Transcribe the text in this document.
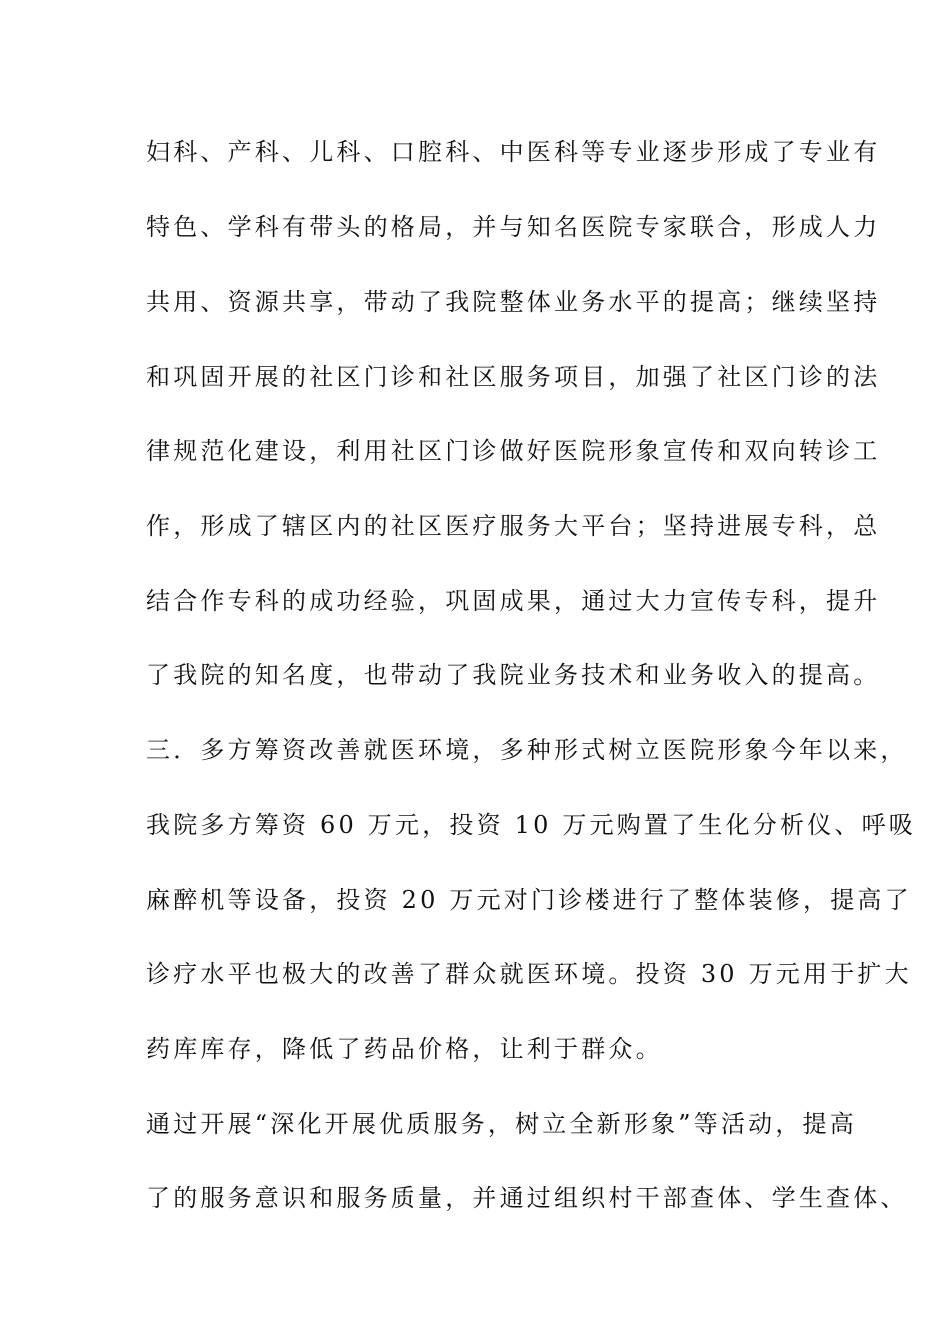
妇科、产科、儿科、口腔科、中医科等专业逐步形成了专业有
特色、学科有带头的格局，并与知名医院专家联合，形成人力
共用、资源共享，带动了我院整体业务水平的提高；继续坚持
和巩固开展的社区门诊和社区服务项目，加强了社区门诊的法
律规范化建设，利用社区门诊做好医院形象宣传和双向转诊工
作，形成了辖区内的社区医疗服务大平台；坚持进展专科，总
结合作专科的成功经验，巩固成果，通过大力宣传专科，提升
了我院的知名度，也带动了我院业务技术和业务收入的提高。
三．多方筹资改善就医环境，多种形式树立医院形象今年以来，
我院多方筹资 60 万元，投资 10 万元购置了生化分析仪、呼吸
麻醉机等设备，投资 20 万元对门诊楼进行了整体装修，提高了
诊疗水平也极大的改善了群众就医环境。投资 30 万元用于扩大
药库库存，降低了药品价格，让利于群众。
通过开展“深化开展优质服务，树立全新形象”等活动，提高
了的服务意识和服务质量，并通过组织村干部查体、学生查体、
